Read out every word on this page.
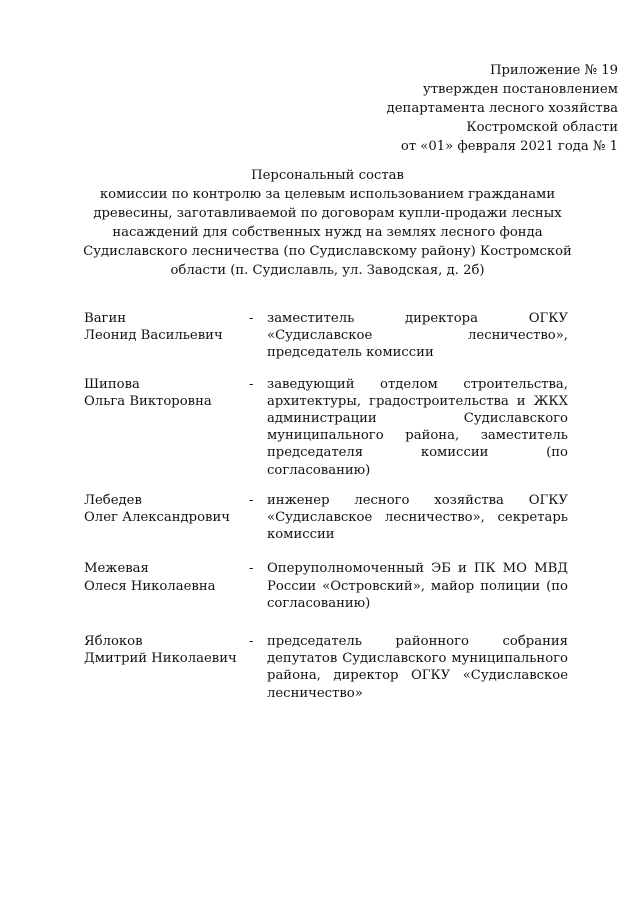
Приложение № 19
утвержден постановлением
департамента лесного хозяйства
Костромской области
от «01» февраля 2021 года № 1
Персональный состав
комиссии по контролю за целевым использованием гражданами
древесины, заготавливаемой по договорам купли-продажи лесных
насаждений для собственных нужд на землях лесного фонда
Судиславского лесничества (по Судиславскому району) Костромской
области (п. Судиславль, ул. Заводская, д. 2б)
Вагин
Леонид Васильевич
-	заместитель директора ОГКУ «Судиславское лесничество», председатель комиссии
Шипова
Ольга Викторовна
-	заведующий отделом строительства, архитектуры, градостроительства и ЖКХ администрации Судиславского муниципального района, заместитель председателя комиссии (по согласованию)
Лебедев
Олег Александрович
-	инженер лесного хозяйства ОГКУ «Судиславское лесничество», секретарь комиссии
Межевая
Олеся Николаевна
-	Оперуполномоченный ЭБ и ПК МО МВД России «Островский», майор полиции (по согласованию)
Яблоков
Дмитрий Николаевич
-	председатель районного собрания депутатов Судиславского муниципального района, директор ОГКУ «Судиславское лесничество»
